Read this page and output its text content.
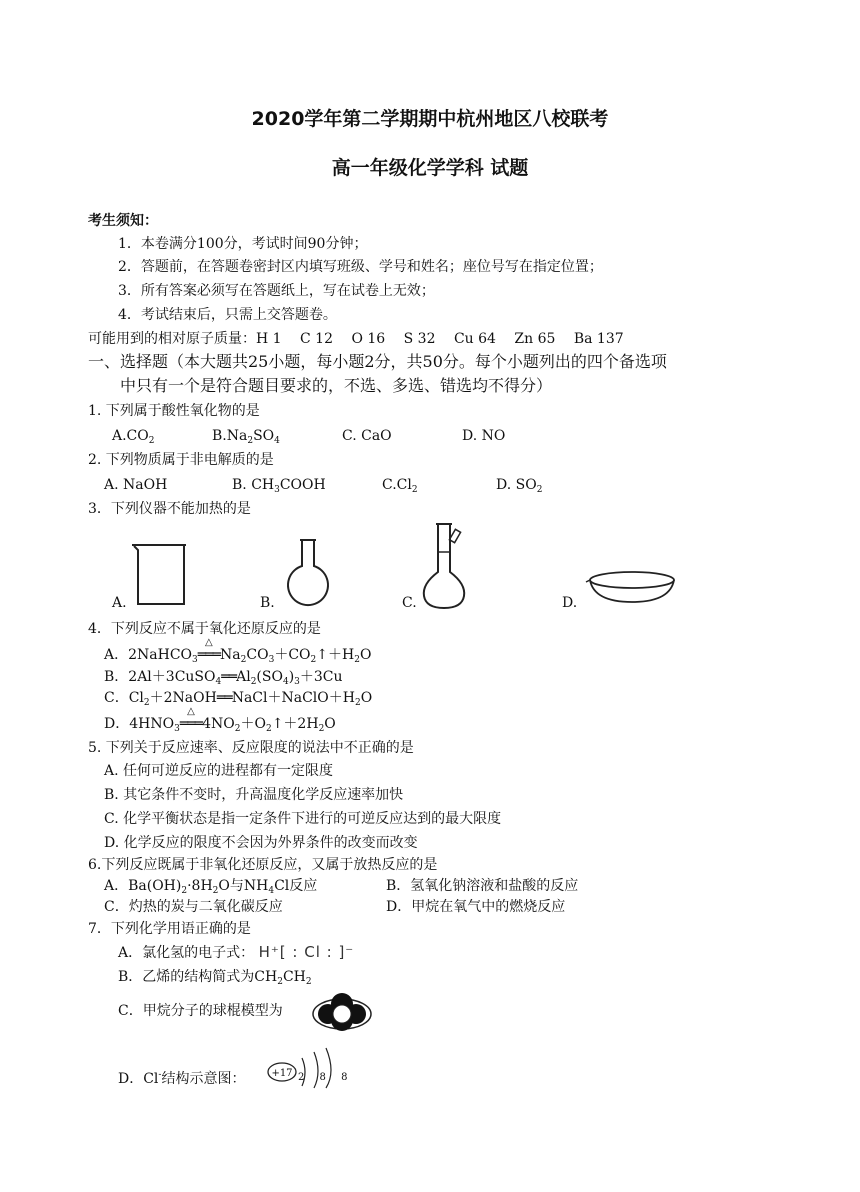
2020学年第二学期期中杭州地区八校联考
高一年级化学学科 试题
考生须知：
1．本卷满分100分，考试时间90分钟；
2．答题前，在答题卷密封区内填写班级、学号和姓名；座位号写在指定位置；
3．所有答案必须写在答题纸上，写在试卷上无效；
4．考试结束后，只需上交答题卷。
可能用到的相对原子质量：H 1　 C 12　 O 16　 S 32　 Cu 64　 Zn 65　 Ba 137
一、选择题（本大题共25小题，每小题2分，共50分。每个小题列出的四个备选项
中只有一个是符合题目要求的，不选、多选、错选均不得分）
1. 下列属于酸性氧化物的是
$A.CO_2$	$B.Na_2SO_4$	C. CaO	D. NO
2. 下列物质属于非电解质的是
A. NaOH	B. $CH_3COOH$	$C.Cl_2$	D. $SO_2$
3．下列仪器不能加热的是
A.	B.	C.	D.
4．下列反应不属于氧化还原反应的是
A．2NaHCO$_3$
△
$═══Na_2CO_3+CO_2↑+H_2O$
B．$2Al+3CuSO_4══Al_2(SO_4)_3+3Cu$
C．$Cl_2+2NaOH══NaCl+NaClO+H_2O$
D．$4HNO_3$
△
$═══4NO_2+O_2↑+2H_2O$
5. 下列关于反应速率、反应限度的说法中不正确的是
A. 任何可逆反应的进程都有一定限度
B. 其它条件不变时，升高温度化学反应速率加快
C. 化学平衡状态是指一定条件下进行的可逆反应达到的最大限度
D. 化学反应的限度不会因为外界条件的改变而改变
6.下列反应既属于非氧化还原反应，又属于放热反应的是
A．$Ba(OH)_2\cdot 8H_2O$与$NH_4Cl$反应	B．氢氧化钠溶液和盐酸的反应
C．灼热的炭与二氧化碳反应	D．甲烷在氧气中的燃烧反应
7．下列化学用语正确的是
A．氯化氢的电子式： H⁺[ : Cl : ]⁻
B．乙烯的结构简式为$CH_2CH_2$
C．甲烷分子的球棍模型为
D．Cl-结构示意图：	+17 2 8 8
